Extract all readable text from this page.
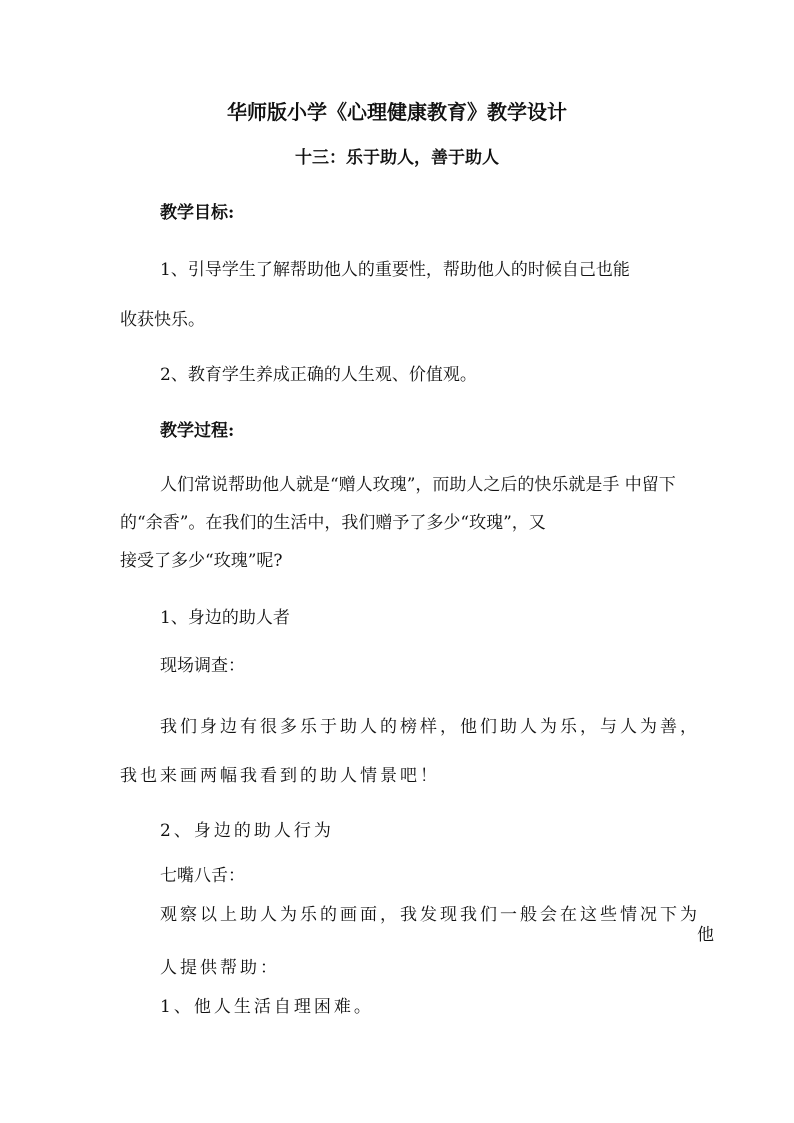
华师版小学《心理健康教育》教学设计
十三：乐于助人，善于助人
教学目标:
1、引导学生了解帮助他人的重要性，帮助他人的时候自己也能
收获快乐。
2、教育学生养成正确的人生观、价值观。
教学过程:
人们常说帮助他人就是“赠人玫瑰”，而助人之后的快乐就是手 中留下
的“余香”。在我们的生活中，我们赠予了多少“玫瑰”，又
接受了多少“玫瑰”呢?
1、身边的助人者
现场调查：
我们身边有很多乐于助人的榜样，他们助人为乐，与人为善，
我也来画两幅我看到的助人情景吧！
2、身边的助人行为
七嘴八舌：
观察以上助人为乐的画面，我发现我们一般会在这些情况下为
他
人提供帮助：
1、他人生活自理困难。
